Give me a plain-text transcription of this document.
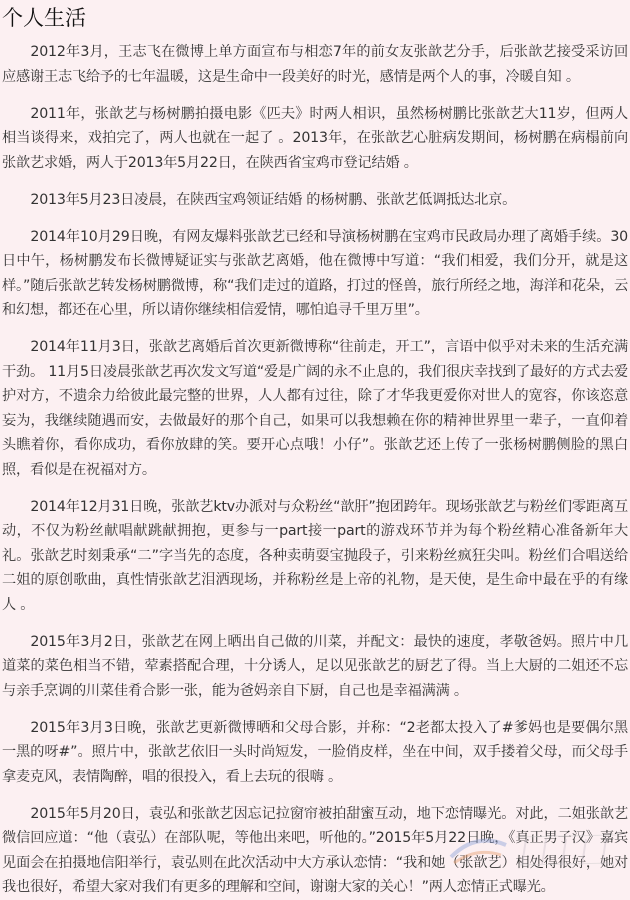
个人生活

2012年3月，王志飞在微博上单方面宣布与相恋7年的前女友张歆艺分手，后张歆艺接受采访回应感谢王志飞给予的七年温暖，这是生命中一段美好的时光，感情是两个人的事，冷暖自知 。

2011年，张歆艺与杨树鹏拍摄电影《匹夫》时两人相识，虽然杨树鹏比张歆艺大11岁，但两人相当谈得来，戏拍完了，两人也就在一起了 。2013年，在张歆艺心脏病发期间，杨树鹏在病榻前向张歆艺求婚，两人于2013年5月22日，在陕西省宝鸡市登记结婚 。

2013年5月23日凌晨，在陕西宝鸡领证结婚 的杨树鹏、张歆艺低调抵达北京。

2014年10月29日晚，有网友爆料张歆艺已经和导演杨树鹏在宝鸡市民政局办理了离婚手续。30日中午，杨树鹏发布长微博疑证实与张歆艺离婚，他在微博中写道：“我们相爱，我们分开，就是这样。”随后张歆艺转发杨树鹏微博，称“我们走过的道路，打过的怪兽，旅行所经之地，海洋和花朵，云和幻想，都还在心里，所以请你继续相信爱情，哪怕追寻千里万里”。

2014年11月3日，张歆艺离婚后首次更新微博称“往前走，开工”，言语中似乎对未来的生活充满干劲。 11月5日凌晨张歆艺再次发文写道“爱是广阔的永不止息的，我们很庆幸找到了最好的方式去爱护对方，不遗余力给彼此最完整的世界，人人都有过往，除了才华我更爱你对世人的宽容，你该恣意妄为，我继续随遇而安，去做最好的那个自己，如果可以我想赖在你的精神世界里一辈子，一直仰着头瞧着你，看你成功，看你放肆的笑。要开心点哦！小仔”。张歆艺还上传了一张杨树鹏侧脸的黑白照，看似是在祝福对方。

2014年12月31日晚，张歆艺ktv办派对与众粉丝“歆肝”抱团跨年。现场张歆艺与粉丝们零距离互动，不仅为粉丝献唱献跳献拥抱，更参与一part接一part的游戏环节并为每个粉丝精心准备新年大礼。张歆艺时刻秉承“二”字当先的态度，各种卖萌耍宝抛段子，引来粉丝疯狂尖叫。粉丝们合唱送给二姐的原创歌曲，真性情张歆艺泪洒现场，并称粉丝是上帝的礼物，是天使，是生命中最在乎的有缘人 。

2015年3月2日，张歆艺在网上晒出自己做的川菜，并配文：最快的速度，孝敬爸妈。照片中几道菜的菜色相当不错，荤素搭配合理，十分诱人，足以见张歆艺的厨艺了得。当上大厨的二姐还不忘与亲手烹调的川菜佳肴合影一张，能为爸妈亲自下厨，自己也是幸福满满 。

2015年3月3日晚，张歆艺更新微博晒和父母合影，并称：“2老都太投入了#爹妈也是要偶尔黑一黑的呀#”。照片中，张歆艺依旧一头时尚短发，一脸俏皮样，坐在中间，双手搂着父母，而父母手拿麦克风，表情陶醉，唱的很投入，看上去玩的很嗨 。

2015年5月20日，袁弘和张歆艺因忘记拉窗帘被拍甜蜜互动，地下恋情曝光。对此，二姐张歆艺微信回应道：“他（袁弘）在部队呢，等他出来吧，听他的。”2015年5月22日晚，《真正男子汉》嘉宾见面会在拍摄地信阳举行，袁弘则在此次活动中大方承认恋情：“我和她（张歆艺）相处得很好，她对我也很好，希望大家对我们有更多的理解和空间，谢谢大家的关心！”两人恋情正式曝光。
